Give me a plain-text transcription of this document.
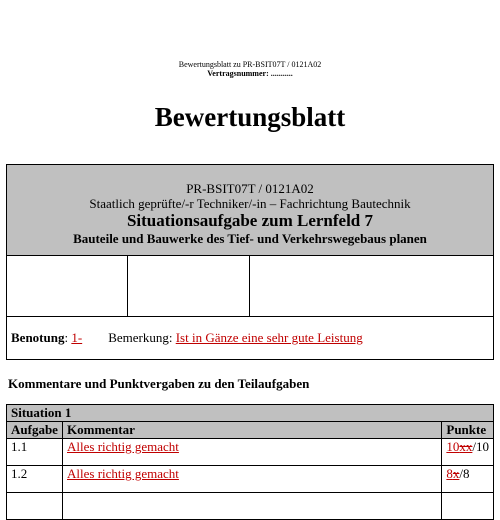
Bewertungsblatt zu PR-BSIT07T / 0121A02
Vertragsnummer: ...........
Bewertungsblatt
PR-BSIT07T / 0121A02
Staatlich geprüfte/-r Techniker/-in – Fachrichtung Bautechnik
Situationsaufgabe zum Lernfeld 7
Bauteile und Bauwerke des Tief- und Verkehrswegebaus planen
Benotung : 1- Bemerkung:
Ist in Gänze eine sehr gute Leistung
Kommentare und Punktvergaben zu den Teilaufgaben
Situation 1		
Aufgabe	Kommentar	Punkte
1.1	Alles richtig gemacht	10xx/10
1.2	Alles richtig gemacht	8x/8
